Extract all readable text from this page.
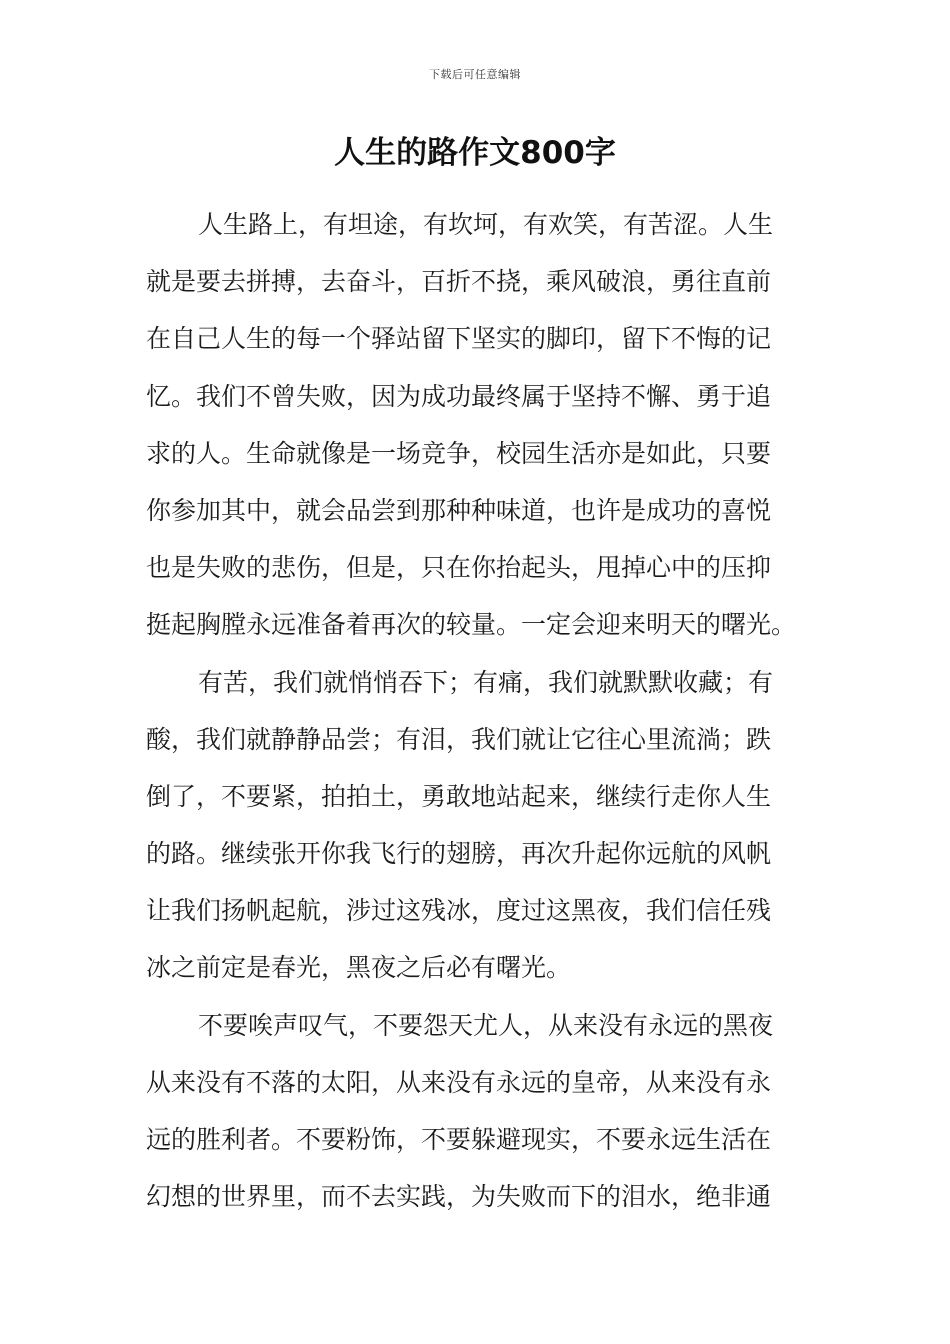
下载后可任意编辑
人生的路作文800字
人生路上，有坦途，有坎坷，有欢笑，有苦涩。人生
就是要去拼搏，去奋斗，百折不挠，乘风破浪，勇往直前
在自己人生的每一个驿站留下坚实的脚印，留下不悔的记
忆。我们不曾失败，因为成功最终属于坚持不懈、勇于追
求的人。生命就像是一场竞争，校园生活亦是如此，只要
你参加其中，就会品尝到那种种味道，也许是成功的喜悦
也是失败的悲伤，但是，只在你抬起头，甩掉心中的压抑
挺起胸膛永远准备着再次的较量。一定会迎来明天的曙光。
有苦，我们就悄悄吞下；有痛，我们就默默收藏；有
酸，我们就静静品尝；有泪，我们就让它往心里流淌；跌
倒了，不要紧，拍拍土，勇敢地站起来，继续行走你人生
的路。继续张开你我飞行的翅膀，再次升起你远航的风帆
让我们扬帆起航，涉过这残冰，度过这黑夜，我们信任残
冰之前定是春光，黑夜之后必有曙光。
不要唉声叹气，不要怨天尤人，从来没有永远的黑夜
从来没有不落的太阳，从来没有永远的皇帝，从来没有永
远的胜利者。不要粉饰，不要躲避现实，不要永远生活在
幻想的世界里，而不去实践，为失败而下的泪水，绝非通
